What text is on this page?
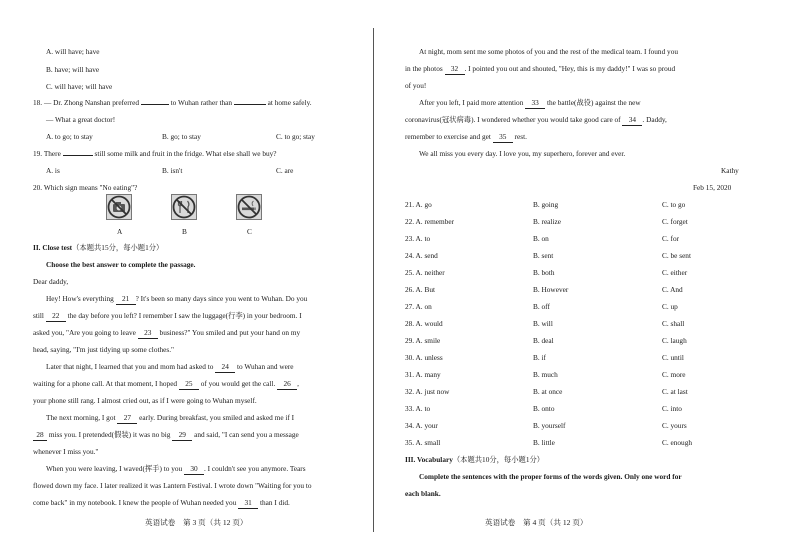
A. will have; have
B. have; will have
C. will have; will have
18. — Dr. Zhong Nanshan preferred	to Wuhan rather than	at home safely.
— What a great doctor!
A. to go; to stay	B. go; to stay	C. to go; stay
19. There	still some milk and fruit in the fridge. What else shall we buy?
A. is	B. isn't	C. are
20. Which sign means "No eating"?
A	B	C
II. Close test（本题共15分，每小题1分）
Choose the best answer to complete the passage.
Dear daddy,
Hey! How's everything 21 ? It's been so many days since you went to Wuhan. Do you
still 22 the day before you left? I remember I saw the luggage(行李) in your bedroom. I
asked you, "Are you going to leave 23 business?" You smiled and put your hand on my
head, saying, "I'm just tidying up some clothes."
Later that night, I learned that you and mom had asked to 24 to Wuhan and were
waiting for a phone call. At that moment, I hoped 25 of you would get the call. 26 ,
your phone still rang. I almost cried out, as if I were going to Wuhan myself.
The next morning, I got 27 early. During breakfast, you smiled and asked me if I
28 miss you. I pretended(假装) it was no big 29 and said, "I can send you a message
whenever I miss you."
When you were leaving, I waved(挥手) to you 30 . I couldn't see you anymore. Tears
flowed down my face. I later realized it was Lantern Festival. I wrote down "Waiting for you to
come back" in my notebook. I knew the people of Wuhan needed you 31 than I did.
英语试卷　第 3 页（共 12 页）
At night, mom sent me some photos of you and the rest of the medical team. I found you
in the photos 32 . I pointed you out and shouted, "Hey, this is my daddy!" I was so proud
of you!
After you left, I paid more attention 33 the battle(战役) against the new
coronavirus(冠状病毒). I wondered whether you would take good care of 34 . Daddy,
remember to exercise and get 35 rest.
We all miss you every day. I love you, my superhero, forever and ever.
Kathy
Feb 15, 2020
21. A. go	B. going	C. to go
22. A. remember	B. realize	C. forget
23. A. to	B. on	C. for
24. A. send	B. sent	C. be sent
25. A. neither	B. both	C. either
26. A. But	B. However	C. And
27. A. on	B. off	C. up
28. A. would	B. will	C. shall
29. A. smile	B. deal	C. laugh
30. A. unless	B. if	C. until
31. A. many	B. much	C. more
32. A. just now	B. at once	C. at last
33. A. to	B. onto	C. into
34. A. your	B. yourself	C. yours
35. A. small	B. little	C. enough
III. Vocabulary（本题共10分，每小题1分）
Complete the sentences with the proper forms of the words given. Only one word for
each blank.
英语试卷　第 4 页（共 12 页）
